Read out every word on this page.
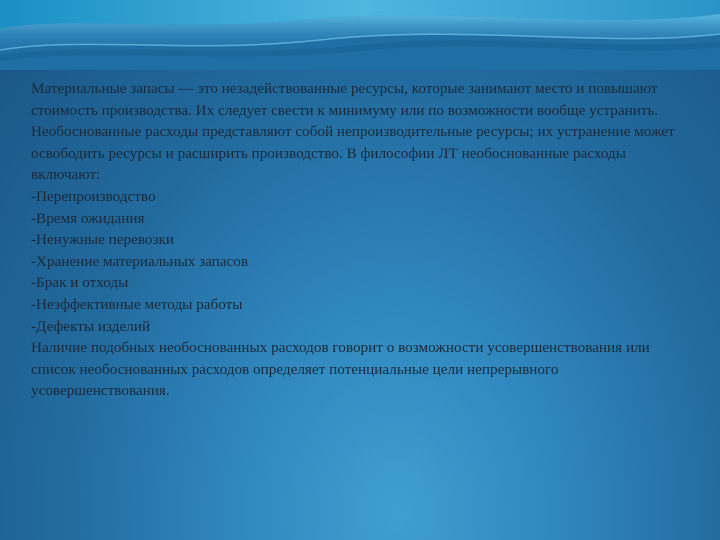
Материальные запасы — это незадействованные ресурсы, которые занимают место и повышают стоимость производства. Их следует свести к минимуму или по возможности вообще устранить.

Необоснованные расходы представляют собой непроизводительные ресурсы; их устранение может освободить ресурсы и расширить производство. В философии ЛТ необоснованные расходы включают:

-Перепроизводство

-Время ожидания

-Ненужные перевозки

-Хранение материальных запасов

-Брак и отходы

-Неэффективные методы работы

-Дефекты изделий

Наличие подобных необоснованных расходов говорит о возможности усовершенствования или список необоснованных расходов определяет потенциальные цели непрерывного усовершенствования.
